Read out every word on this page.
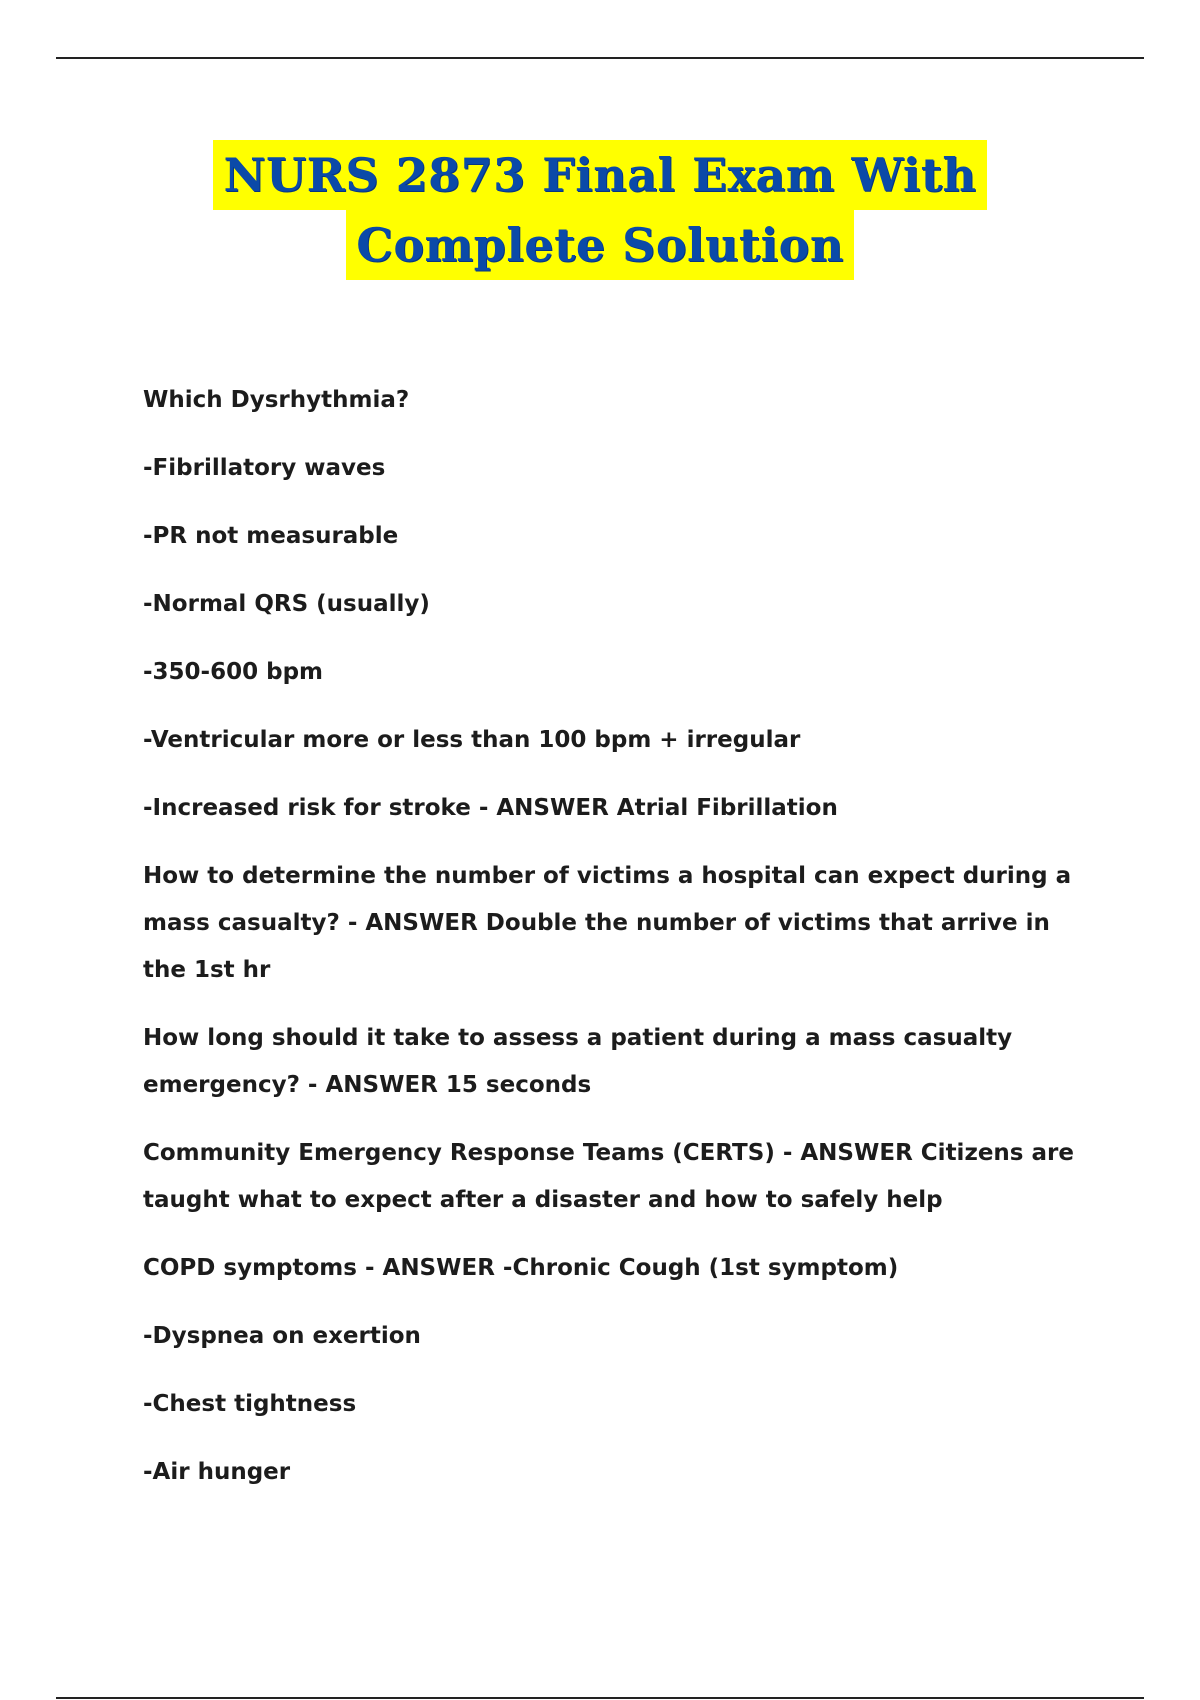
NURS 2873 Final Exam With
Complete Solution

Which Dysrhythmia?

-Fibrillatory waves

-PR not measurable

-Normal QRS (usually)

-350-600 bpm

-Ventricular more or less than 100 bpm + irregular

-Increased risk for stroke - ANSWER Atrial Fibrillation

How to determine the number of victims a hospital can expect during a mass casualty? - ANSWER Double the number of victims that arrive in the 1st hr

How long should it take to assess a patient during a mass casualty emergency? - ANSWER 15 seconds

Community Emergency Response Teams (CERTS) - ANSWER Citizens are taught what to expect after a disaster and how to safely help

COPD symptoms - ANSWER -Chronic Cough (1st symptom)

-Dyspnea on exertion

-Chest tightness

-Air hunger
